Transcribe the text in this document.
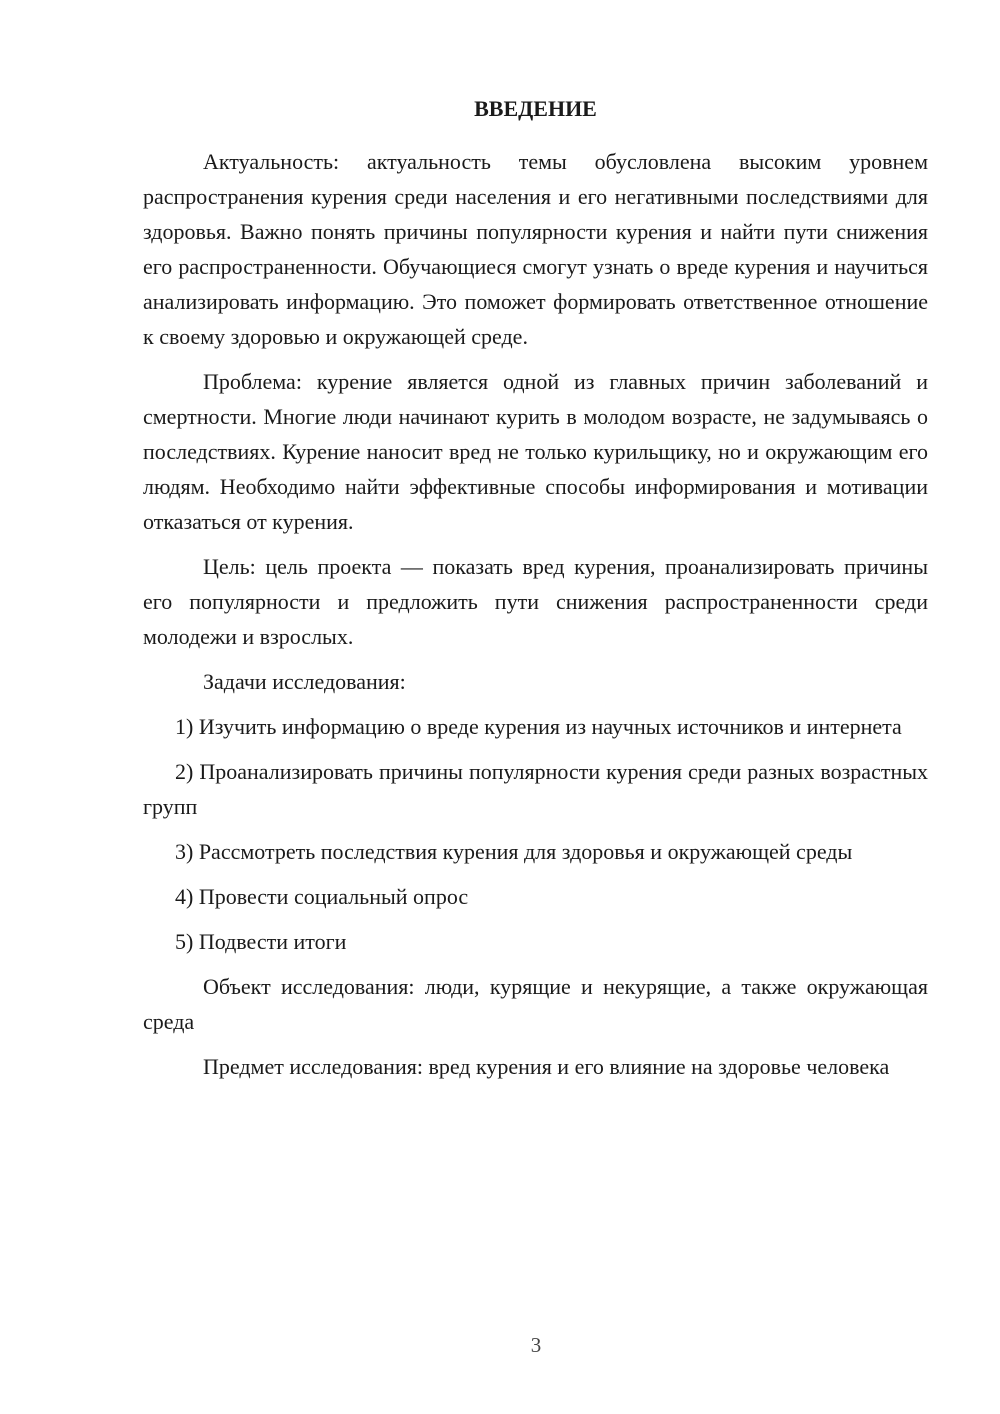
ВВЕДЕНИЕ

Актуальность: актуальность темы обусловлена высоким уровнем распространения курения среди населения и его негативными последствиями для здоровья. Важно понять причины популярности курения и найти пути снижения его распространенности. Обучающиеся смогут узнать о вреде курения и научиться анализировать информацию. Это поможет формировать ответственное отношение к своему здоровью и окружающей среде.

Проблема: курение является одной из главных причин заболеваний и смертности. Многие люди начинают курить в молодом возрасте, не задумываясь о последствиях. Курение наносит вред не только курильщику, но и окружающим его людям. Необходимо найти эффективные способы информирования и мотивации отказаться от курения.

Цель: цель проекта — показать вред курения, проанализировать причины его популярности и предложить пути снижения распространенности среди молодежи и взрослых.

Задачи исследования:

1) Изучить информацию о вреде курения из научных источников и интернета

2) Проанализировать причины популярности курения среди разных возрастных групп

3) Рассмотреть последствия курения для здоровья и окружающей среды

4) Провести социальный опрос

5) Подвести итоги

Объект исследования: люди, курящие и некурящие, а также окружающая среда

Предмет исследования: вред курения и его влияние на здоровье человека

3
